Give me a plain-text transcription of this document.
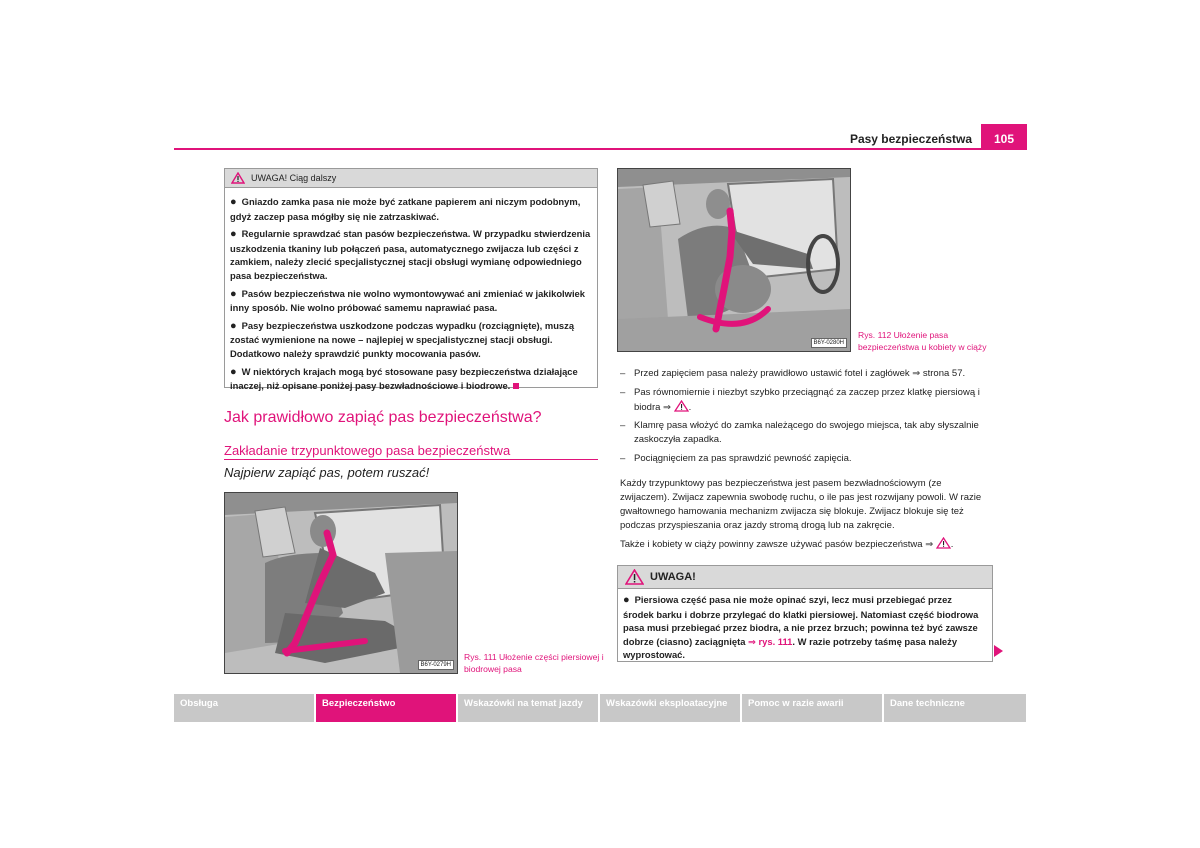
Pasy bezpieczeństwa	105
UWAGA! Ciąg dalszy

● Gniazdo zamka pasa nie może być zatkane papierem ani niczym podobnym, gdyż zaczep pasa mógłby się nie zatrzaskiwać.

● Regularnie sprawdzać stan pasów bezpieczeństwa. W przypadku stwierdzenia uszkodzenia tkaniny lub połączeń pasa, automatycznego zwijacza lub części z zamkiem, należy zlecić specjalistycznej stacji obsługi wymianę odpowiedniego pasa bezpieczeństwa.

● Pasów bezpieczeństwa nie wolno wymontowywać ani zmieniać w jakikolwiek inny sposób. Nie wolno próbować samemu naprawiać pasa.

● Pasy bezpieczeństwa uszkodzone podczas wypadku (rozciągnięte), muszą zostać wymienione na nowe – najlepiej w specjalistycznej stacji obsługi. Dodatkowo należy sprawdzić punkty mocowania pasów.

● W niektórych krajach mogą być stosowane pasy bezpieczeństwa działające inaczej, niż opisane poniżej pasy bezwładnościowe i biodrowe.

Jak prawidłowo zapiąć pas bezpieczeństwa?
Zakładanie trzypunktowego pasa bezpieczeństwa
Najpierw zapiąć pas, potem ruszać!
B6Y-0279H
Rys. 111 Ułożenie części piersiowej i biodrowej pasa
B6Y-0280H
Rys. 112 Ułożenie pasa bezpieczeństwa u kobiety w ciąży
– Przed zapięciem pasa należy prawidłowo ustawić fotel i zagłówek ⇒ strona 57.
– Pas równomiernie i niezbyt szybko przeciągnąć za zaczep przez klatkę piersiową i biodra ⇒ .
– Klamrę pasa włożyć do zamka należącego do swojego miejsca, tak aby słyszalnie zaskoczyła zapadka.
– Pociągnięciem za pas sprawdzić pewność zapięcia.
Każdy trzypunktowy pas bezpieczeństwa jest pasem bezwładnościowym (ze zwijaczem). Zwijacz zapewnia swobodę ruchu, o ile pas jest rozwijany powoli. W razie gwałtownego hamowania mechanizm zwijacza się blokuje. Zwijacz blokuje się też podczas przyspieszania oraz jazdy stromą drogą lub na zakręcie.
Także i kobiety w ciąży powinny zawsze używać pasów bezpieczeństwa ⇒ .
UWAGA!
● Piersiowa część pasa nie może opinać szyi, lecz musi przebiegać przez środek barku i dobrze przylegać do klatki piersiowej. Natomiast część biodrowa pasa musi przebiegać przez biodra, a nie przez brzuch; powinna też być zawsze dobrze (ciasno) zaciągnięta ⇒ rys. 111. W razie potrzeby taśmę pasa należy wyprostować.
Obsługa	Bezpieczeństwo	Wskazówki na temat jazdy	Wskazówki eksploatacyjne	Pomoc w razie awarii	Dane techniczne
